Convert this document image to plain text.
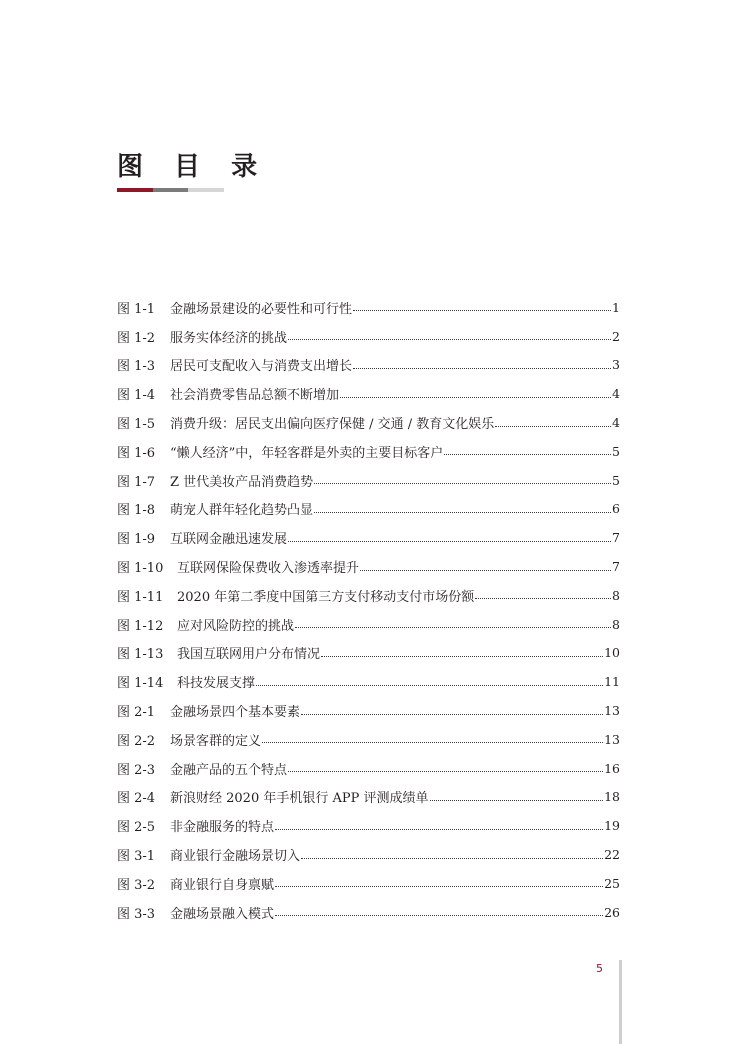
图 目 录
图 1-1	金融场景建设的必要性和可行性	1
图 1-2	服务实体经济的挑战	2
图 1-3	居民可支配收入与消费支出增长	3
图 1-4	社会消费零售品总额不断增加	4
图 1-5	消费升级：居民支出偏向医疗保健 / 交通 / 教育文化娱乐	4
图 1-6	“懒人经济”中，年轻客群是外卖的主要目标客户	5
图 1-7	Z 世代美妆产品消费趋势	5
图 1-8	萌宠人群年轻化趋势凸显	6
图 1-9	互联网金融迅速发展	7
图 1-10	互联网保险保费收入渗透率提升	7
图 1-11	2020 年第二季度中国第三方支付移动支付市场份额	8
图 1-12	应对风险防控的挑战	8
图 1-13	我国互联网用户分布情况	10
图 1-14	科技发展支撑	11
图 2-1	金融场景四个基本要素	13
图 2-2	场景客群的定义	13
图 2-3	金融产品的五个特点	16
图 2-4	新浪财经 2020 年手机银行 APP 评测成绩单	18
图 2-5	非金融服务的特点	19
图 3-1	商业银行金融场景切入	22
图 3-2	商业银行自身禀赋	25
图 3-3	金融场景融入模式	26
5
